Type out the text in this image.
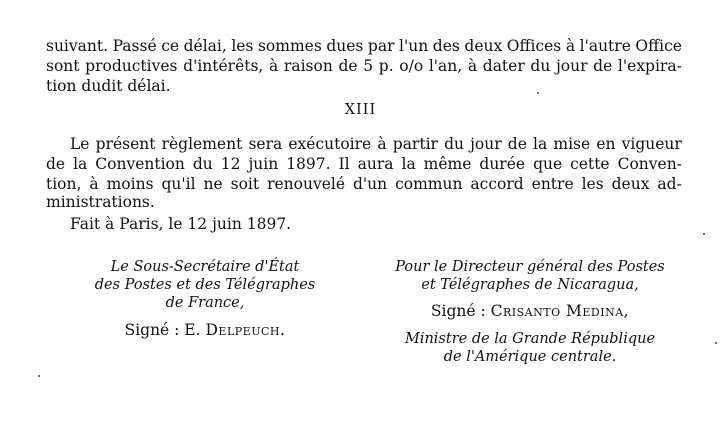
suivant. Passé ce délai, les sommes dues par l'un des deux Offices à l'autre Office
sont productives d'intérêts, à raison de 5 p. o/o l'an, à dater du jour de l'expira-
tion dudit délai.
XIII
Le présent règlement sera exécutoire à partir du jour de la mise en vigueur
de la Convention du 12 juin 1897. Il aura la même durée que cette Conven-
tion, à moins qu'il ne soit renouvelé d'un commun accord entre les deux ad-
ministrations.
Fait à Paris, le 12 juin 1897.
Le Sous-Secrétaire d'État
des Postes et des Télégraphes
de France,
Signé : E. Delpeuch.
Pour le Directeur général des Postes
et Télégraphes de Nicaragua,
Signé : Crisanto Medina,
Ministre de la Grande République
de l'Amérique centrale.
